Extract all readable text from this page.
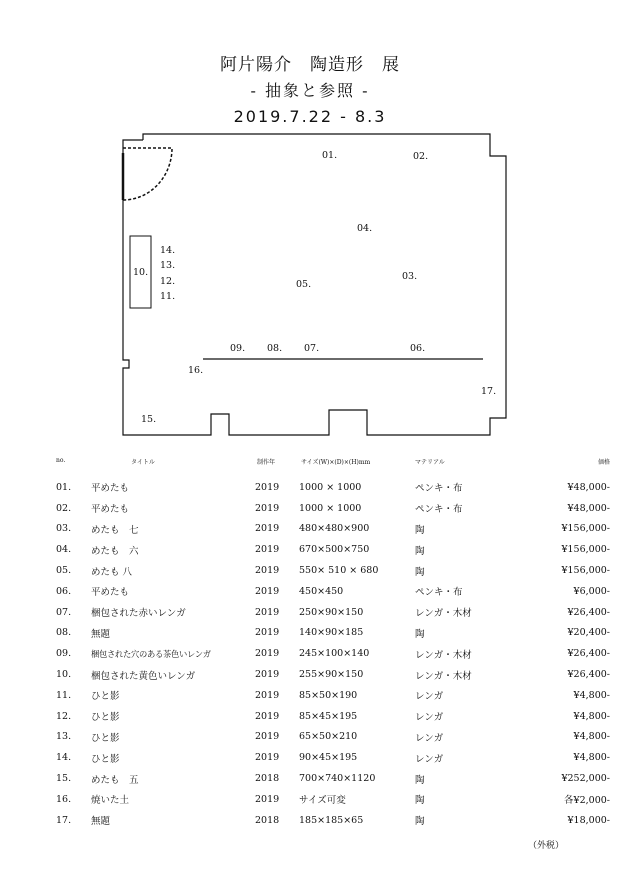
阿片陽介　陶造形　展
- 抽象と参照 -
2019.7.22 - 8.3
01.	02.
03.
04.
05.
06.
07.
08.
09.
10.
11.
12.
13.
14.
15.
16.
17.
no.	タイトル	制作年	サイズ(W)×(D)×(H)mm	マテリアル	価格
01.	平めたも	2019	1000 × 1000	ペンキ・布	¥48,000-
02.	平めたも	2019	1000 × 1000	ペンキ・布	¥48,000-
03.	めたも　七	2019	480×480×900	陶	¥156,000-
04.	めたも　六	2019	670×500×750	陶	¥156,000-
05.	めたも 八	2019	550× 510 × 680	陶	¥156,000-
06.	平めたも	2019	450×450	ペンキ・布	¥6,000-
07.	梱包された赤いレンガ	2019	250×90×150	レンガ・木材	¥26,400-
08.	無題	2019	140×90×185	陶	¥20,400-
09.	梱包された穴のある茶色いレンガ	2019	245×100×140	レンガ・木材	¥26,400-
10.	梱包された黄色いレンガ	2019	255×90×150	レンガ・木材	¥26,400-
11.	ひと影	2019	85×50×190	レンガ	¥4,800-
12.	ひと影	2019	85×45×195	レンガ	¥4,800-
13.	ひと影	2019	65×50×210	レンガ	¥4,800-
14.	ひと影	2019	90×45×195	レンガ	¥4,800-
15.	めたも　五	2018	700×740×1120	陶	¥252,000-
16.	焼いた土	2019	サイズ可変	陶	各¥2,000-
17.	無題	2018	185×185×65	陶	¥18,000-
（外税）
